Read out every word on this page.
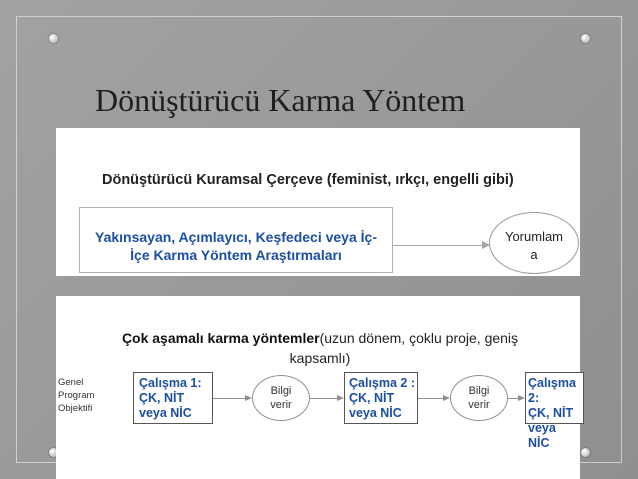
Dönüştürücü Karma Yöntem
Dönüştürücü Kuramsal Çerçeve (feminist, ırkçı, engelli gibi)
Yakınsayan, Açımlayıcı, Keşfedeci veya İç-
İçe Karma Yöntem Araştırmaları
Yorumlam
a
Çok aşamalı karma yöntemler(uzun dönem, çoklu proje, geniş
kapsamlı)
Genel
Program
Objektifi
Çalışma 1:
ÇK, NİT
veya NİC
Bilgi
verir
Çalışma 2 :
ÇK, NİT
veya NİC
Bilgi
verir
Çalışma
2:
ÇK, NİT
veya
NİC
